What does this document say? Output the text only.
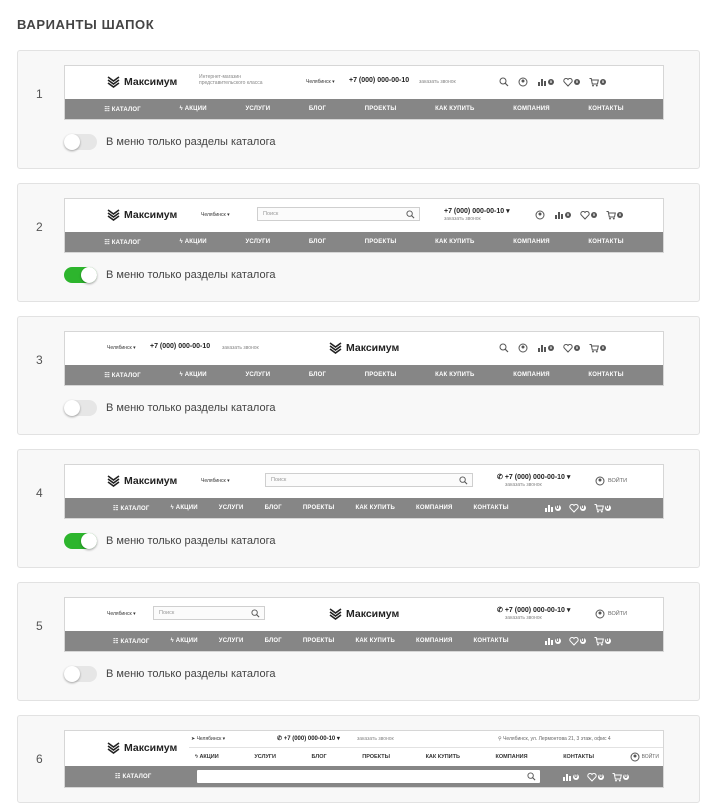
ВАРИАНТЫ ШАПОК
1
Максимум	Интернет-магазин представительского класса	Челябинск ▾ +7 (000) 000-00-10 заказать звонок	0	0	0
☷ КАТАЛОГ	ϟ АКЦИИ	УСЛУГИ	БЛОГ	ПРОЕКТЫ	КАК КУПИТЬ	КОМПАНИЯ	КОНТАКТЫ
В меню только разделы каталога
2
Максимум	Челябинск ▾	Поиск	+7 (000) 000-00-10 ▾
заказать звонок
0	0	0
☷ КАТАЛОГ	ϟ АКЦИИ	УСЛУГИ	БЛОГ	ПРОЕКТЫ	КАК КУПИТЬ	КОМПАНИЯ	КОНТАКТЫ
В меню только разделы каталога
3
Челябинск ▾ +7 (000) 000-00-10 заказать звонок	Максимум	0	0	0
☷ КАТАЛОГ	ϟ АКЦИИ	УСЛУГИ	БЛОГ	ПРОЕКТЫ	КАК КУПИТЬ	КОМПАНИЯ	КОНТАКТЫ
В меню только разделы каталога
4
Максимум	Челябинск ▾	Поиск	✆ +7 (000) 000-00-10 ▾
заказать звонок
ВОЙТИ
☷ КАТАЛОГ	ϟ АКЦИИ	УСЛУГИ	БЛОГ	ПРОЕКТЫ	КАК КУПИТЬ	КОМПАНИЯ	КОНТАКТЫ	0	0	0
В меню только разделы каталога
5
Челябинск ▾	Поиск	Максимум	✆ +7 (000) 000-00-10 ▾
заказать звонок
ВОЙТИ
☷ КАТАЛОГ	ϟ АКЦИИ	УСЛУГИ	БЛОГ	ПРОЕКТЫ	КАК КУПИТЬ	КОМПАНИЯ	КОНТАКТЫ	0	0	0
В меню только разделы каталога
6
Максимум
➤ Челябинск ▾	✆ +7 (000) 000-00-10 ▾	заказать звонок	⚲ Челябинск, ул. Лермонтова 21, 3 этаж, офис 4
ϟ АКЦИИ	УСЛУГИ	БЛОГ	ПРОЕКТЫ	КАК КУПИТЬ	КОМПАНИЯ	КОНТАКТЫ	ВОЙТИ
☷ КАТАЛОГ	Поиск	0	0	0
